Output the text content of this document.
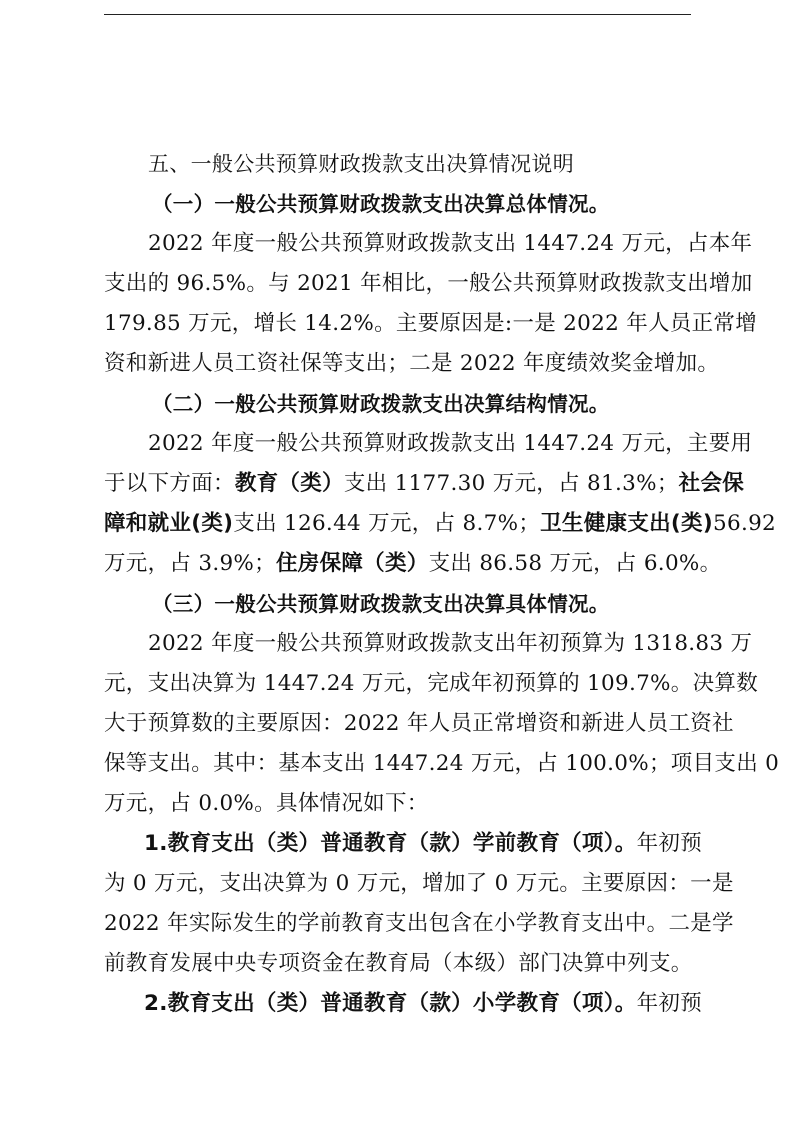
五、一般公共预算财政拨款支出决算情况说明
（一）一般公共预算财政拨款支出决算总体情况。
2022 年度一般公共预算财政拨款支出 1447.24 万元，占本年
支出的 96.5%。与 2021 年相比，一般公共预算财政拨款支出增加
179.85 万元，增长 14.2%。主要原因是:一是 2022 年人员正常增
资和新进人员工资社保等支出；二是 2022 年度绩效奖金增加。
（二）一般公共预算财政拨款支出决算结构情况。
2022 年度一般公共预算财政拨款支出 1447.24 万元，主要用
于以下方面：教育（类）支出 1177.30 万元，占 81.3%；社会保
障和就业(类)支出 126.44 万元，占 8.7%；卫生健康支出(类)56.92
万元，占 3.9%；住房保障（类）支出 86.58 万元，占 6.0%。
（三）一般公共预算财政拨款支出决算具体情况。
2022 年度一般公共预算财政拨款支出年初预算为 1318.83 万
元，支出决算为 1447.24 万元，完成年初预算的 109.7%。决算数
大于预算数的主要原因：2022 年人员正常增资和新进人员工资社
保等支出。其中：基本支出 1447.24 万元，占 100.0%；项目支出 0
万元，占 0.0%。具体情况如下：
1.教育支出（类）普通教育（款）学前教育（项）。年初预
为 0 万元，支出决算为 0 万元，增加了 0 万元。主要原因：一是
2022 年实际发生的学前教育支出包含在小学教育支出中。二是学
前教育发展中央专项资金在教育局（本级）部门决算中列支。
2.教育支出（类）普通教育（款）小学教育（项）。年初预
